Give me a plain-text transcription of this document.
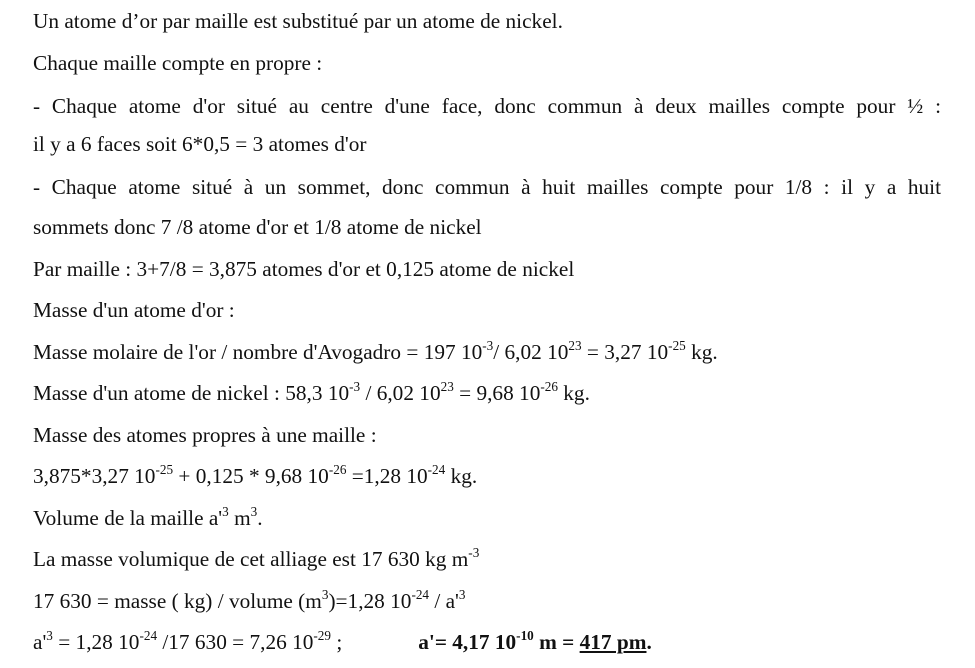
Un atome d’or par maille est substitué par un atome de nickel.
Chaque maille compte en propre :
- Chaque atome d'or situé au centre d'une face, donc commun à deux mailles compte pour ½ :
il y a 6 faces soit 6*0,5 = 3 atomes d'or
- Chaque atome situé à un sommet, donc commun à huit mailles compte pour 1/8 : il y a huit
sommets donc 7 /8 atome d'or et 1/8 atome de nickel
Par maille : 3+7/8 = 3,875 atomes d'or et 0,125 atome de nickel
Masse d'un atome d'or :
Masse molaire de l'or / nombre d'Avogadro = 197 $10^{-3}/$ 6,02 $10^{23} = 3,27$ $10^{-25}$ kg.
Masse d'un atome de nickel : 58,3 $10^{-3} / 6,02$ $10^{23} = 9,68$ $10^{-26}$ kg.
Masse des atomes propres à une maille :
3,875*3,27 $10^{-25} + 0,125 * 9,68$ $10^{-26} =1,28$ $10^{-24}$ kg.
Volume de la maille $a'^3$ $m^3$.
La masse volumique de cet alliage est 17 630 kg $m^{-3}$
17 630 = masse ( kg) / volume $(m^3)=1,28$ $10^{-24} / a'^3$
$a'^3 = 1,28$ $10^{-24}$ /17 630 = 7,26 $10^{-29}$ ;	a'= 4,17 $10^{-10}$ m = 417 pm.
